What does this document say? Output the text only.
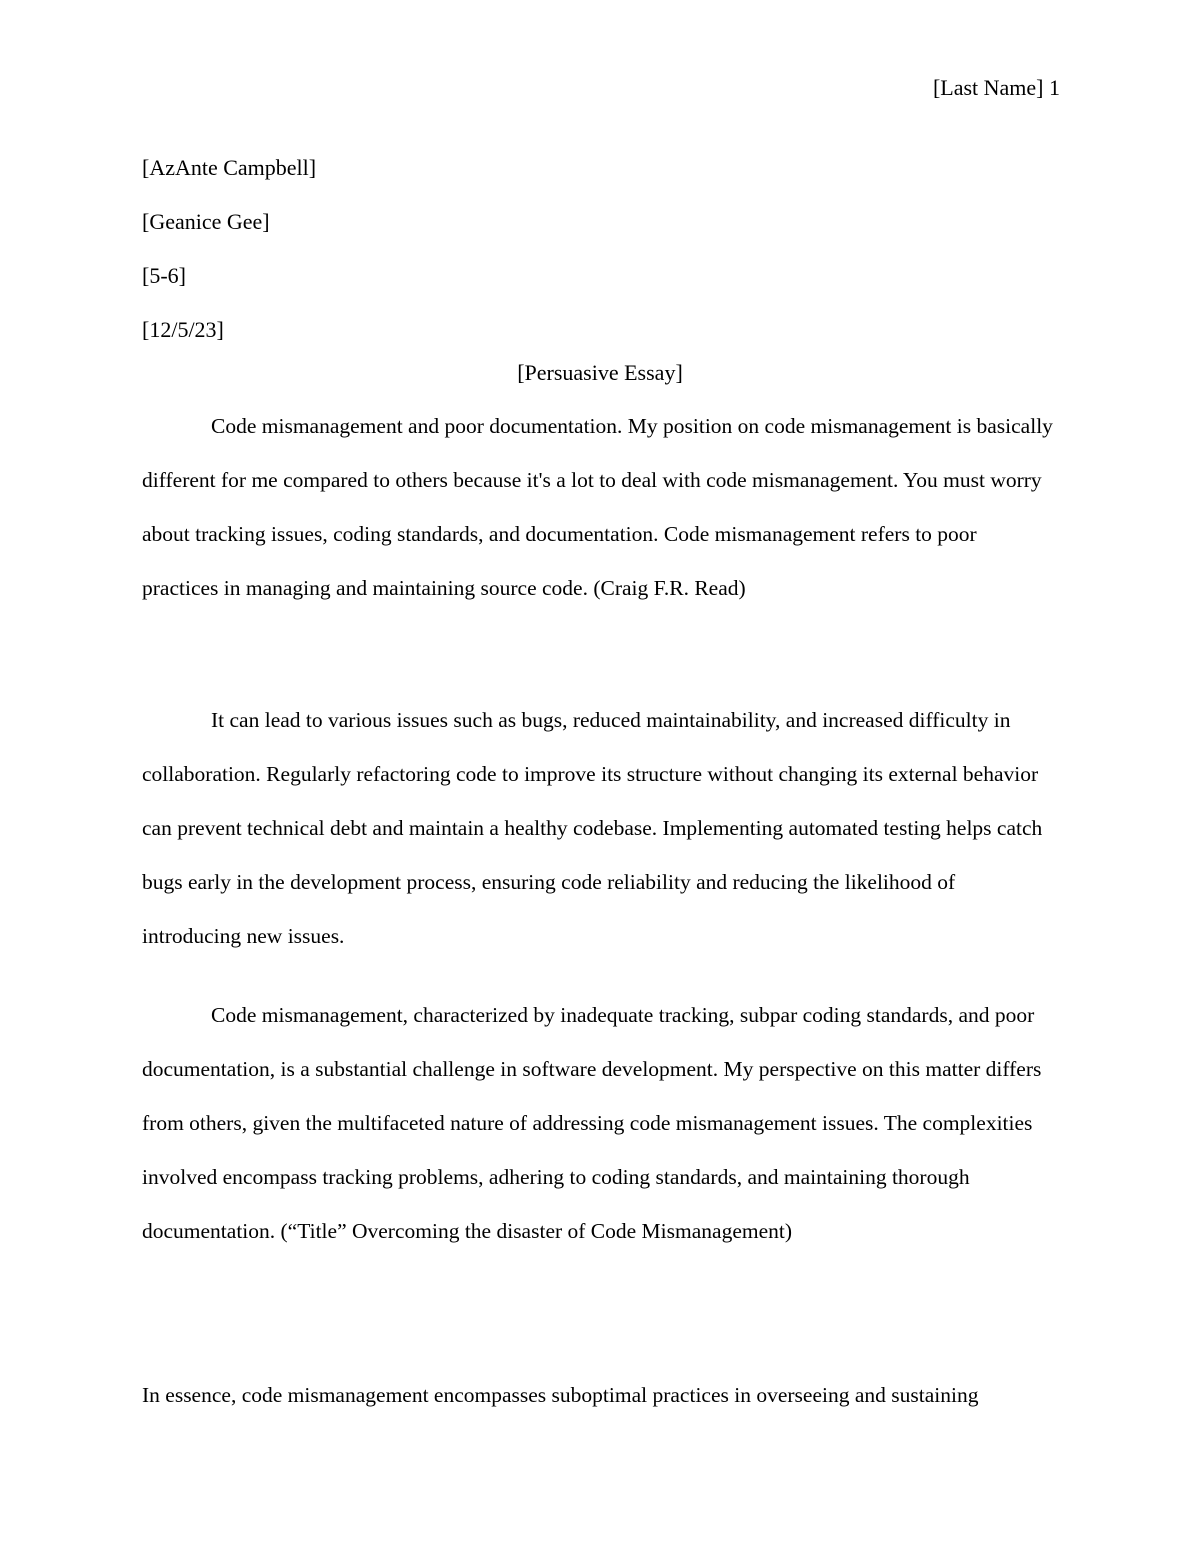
[Last Name] 1
[AzAnte Campbell]
[Geanice Gee]
[5-6]
[12/5/23]
[Persuasive Essay]

Code mismanagement and poor documentation. My position on code mismanagement is basically different for me compared to others because it's a lot to deal with code mismanagement. You must worry about tracking issues, coding standards, and documentation. Code mismanagement refers to poor practices in managing and maintaining source code. (Craig F.R. Read)

It can lead to various issues such as bugs, reduced maintainability, and increased difficulty in collaboration. Regularly refactoring code to improve its structure without changing its external behavior can prevent technical debt and maintain a healthy codebase. Implementing automated testing helps catch bugs early in the development process, ensuring code reliability and reducing the likelihood of introducing new issues.

Code mismanagement, characterized by inadequate tracking, subpar coding standards, and poor documentation, is a substantial challenge in software development. My perspective on this matter differs from others, given the multifaceted nature of addressing code mismanagement issues. The complexities involved encompass tracking problems, adhering to coding standards, and maintaining thorough documentation. (“Title” Overcoming the disaster of Code Mismanagement)

In essence, code mismanagement encompasses suboptimal practices in overseeing and sustaining
